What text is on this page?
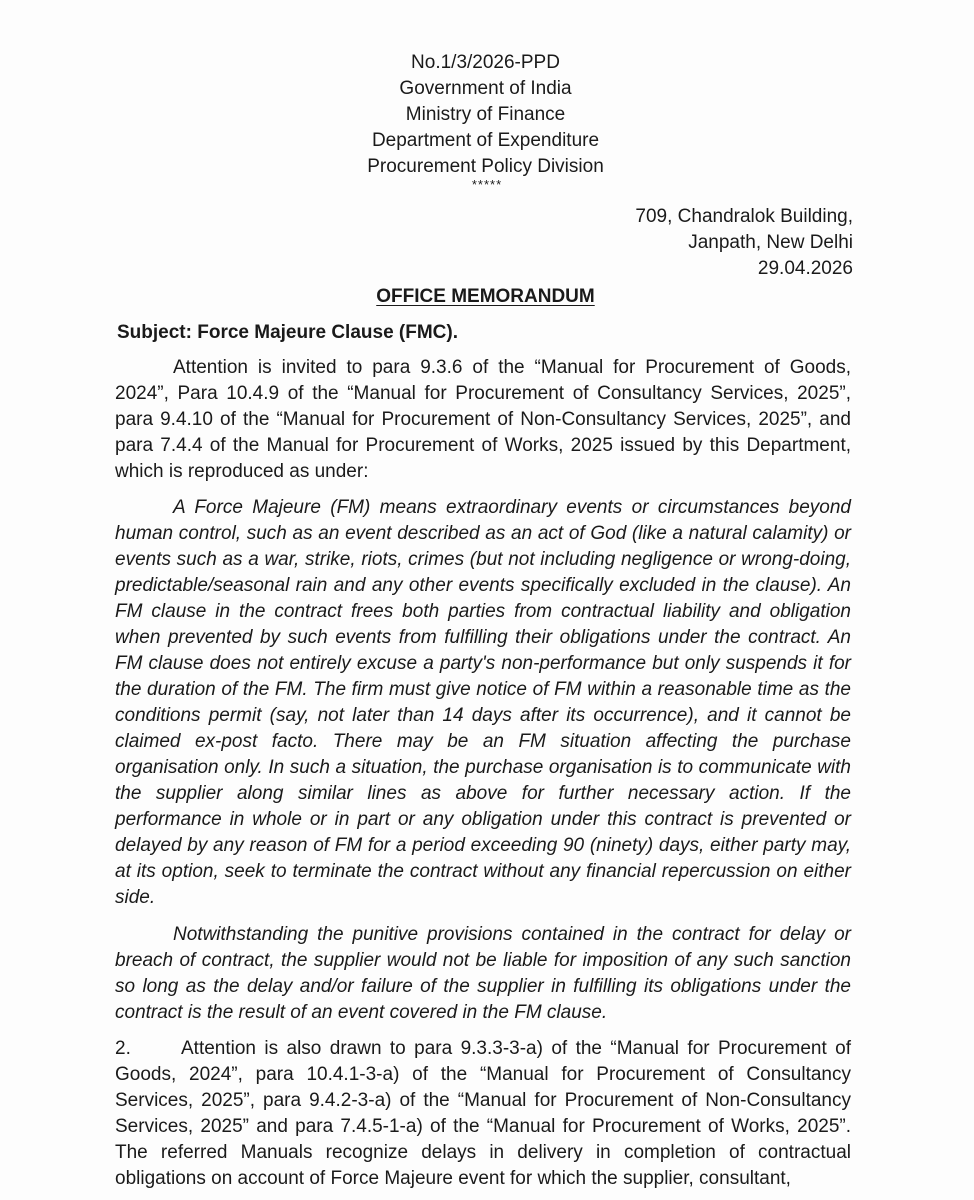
No.1/3/2026-PPD
Government of India
Ministry of Finance
Department of Expenditure
Procurement Policy Division
*****
709, Chandralok Building,
Janpath, New Delhi
29.04.2026
OFFICE MEMORANDUM
Subject: Force Majeure Clause (FMC).

Attention is invited to para 9.3.6 of the “Manual for Procurement of Goods, 2024”, Para 10.4.9 of the “Manual for Procurement of Consultancy Services, 2025”, para 9.4.10 of the “Manual for Procurement of Non-Consultancy Services, 2025”, and para 7.4.4 of the Manual for Procurement of Works, 2025 issued by this Department, which is reproduced as under:

A Force Majeure (FM) means extraordinary events or circumstances beyond human control, such as an event described as an act of God (like a natural calamity) or events such as a war, strike, riots, crimes (but not including negligence or wrong-doing, predictable/seasonal rain and any other events specifically excluded in the clause). An FM clause in the contract frees both parties from contractual liability and obligation when prevented by such events from fulfilling their obligations under the contract. An FM clause does not entirely excuse a party's non-performance but only suspends it for the duration of the FM. The firm must give notice of FM within a reasonable time as the conditions permit (say, not later than 14 days after its occurrence), and it cannot be claimed ex-post facto. There may be an FM situation affecting the purchase organisation only. In such a situation, the purchase organisation is to communicate with the supplier along similar lines as above for further necessary action. If the performance in whole or in part or any obligation under this contract is prevented or delayed by any reason of FM for a period exceeding 90 (ninety) days, either party may, at its option, seek to terminate the contract without any financial repercussion on either side.

Notwithstanding the punitive provisions contained in the contract for delay or breach of contract, the supplier would not be liable for imposition of any such sanction so long as the delay and/or failure of the supplier in fulfilling its obligations under the contract is the result of an event covered in the FM clause.

2.	Attention is also drawn to para 9.3.3-3-a) of the “Manual for Procurement of Goods, 2024”, para 10.4.1-3-a) of the “Manual for Procurement of Consultancy Services, 2025”, para 9.4.2-3-a) of the “Manual for Procurement of Non-Consultancy Services, 2025” and para 7.4.5-1-a) of the “Manual for Procurement of Works, 2025”. The referred Manuals recognize delays in delivery in completion of contractual obligations on account of Force Majeure event for which the supplier, consultant,
